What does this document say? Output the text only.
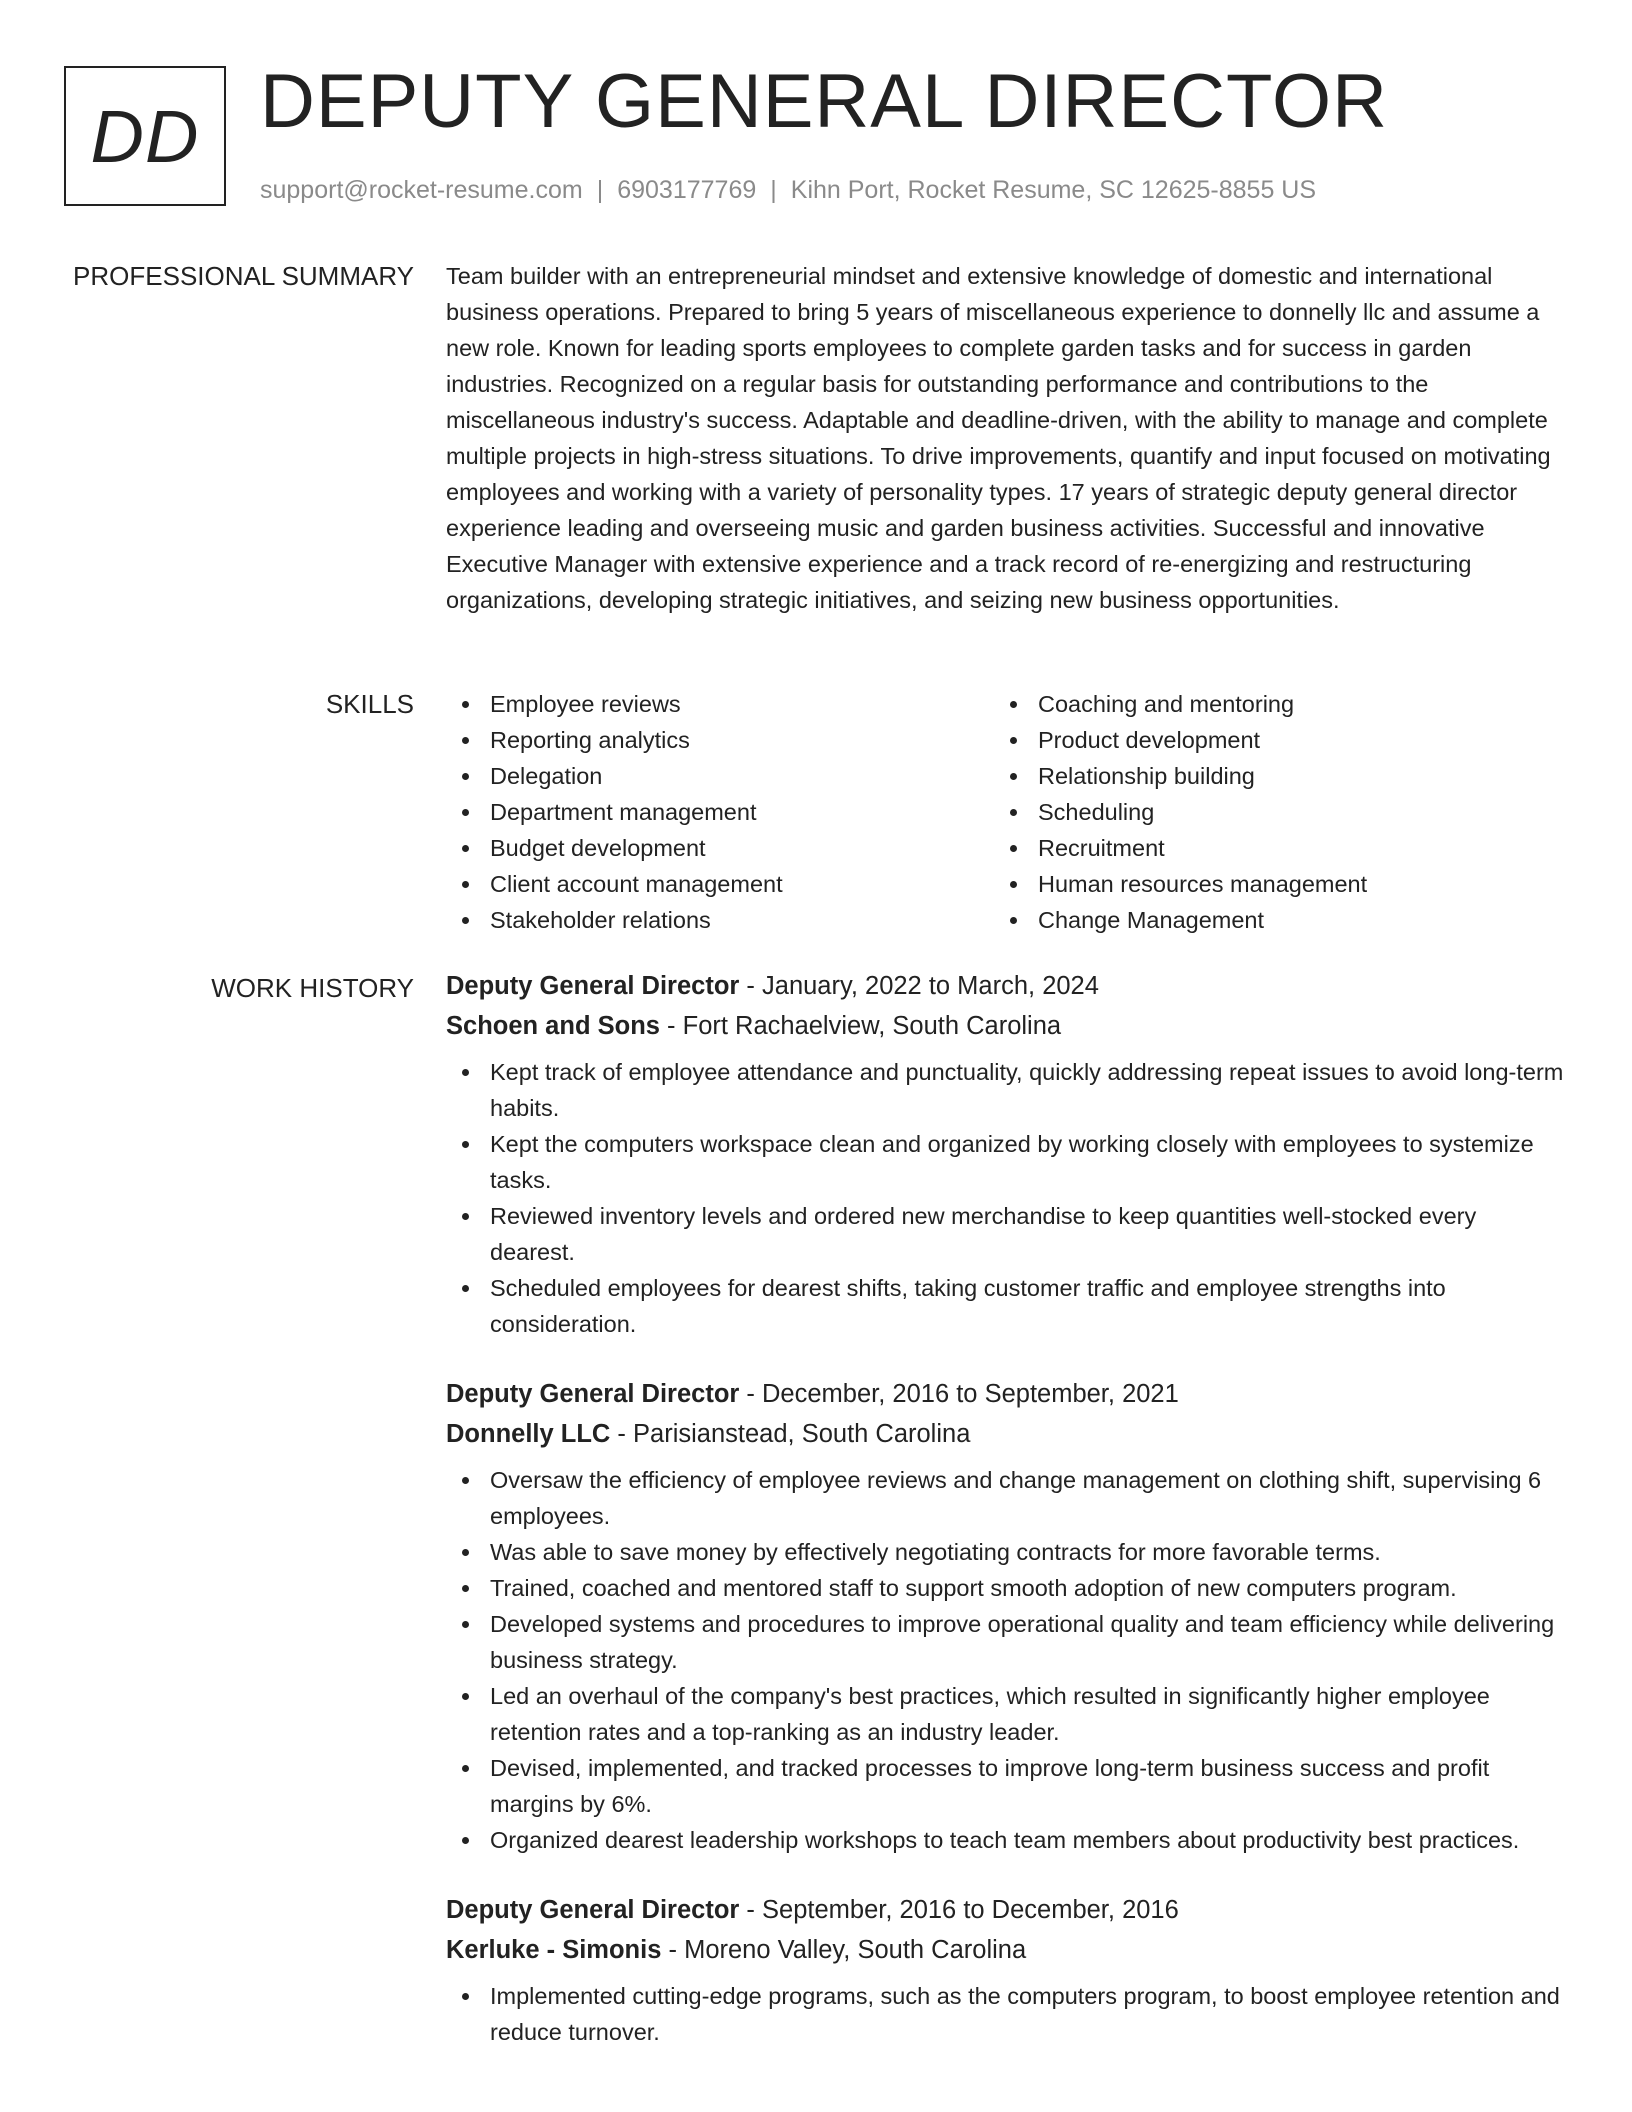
DD DEPUTY GENERAL DIRECTOR
support@rocket-resume.com | 6903177769 | Kihn Port, Rocket Resume, SC 12625-8855 US
PROFESSIONAL SUMMARY Team builder with an entrepreneurial mindset and extensive knowledge of domestic and international business operations. Prepared to bring 5 years of miscellaneous experience to donnelly llc and assume a new role. Known for leading sports employees to complete garden tasks and for success in garden industries. Recognized on a regular basis for outstanding performance and contributions to the miscellaneous industry's success. Adaptable and deadline-driven, with the ability to manage and complete multiple projects in high-stress situations. To drive improvements, quantify and input focused on motivating employees and working with a variety of personality types. 17 years of strategic deputy general director experience leading and overseeing music and garden business activities. Successful and innovative Executive Manager with extensive experience and a track record of re-energizing and restructuring organizations, developing strategic initiatives, and seizing new business opportunities.

SKILLS	Employee reviews
Reporting analytics
Delegation
Department management
Budget development
Client account management
Stakeholder relations
Coaching and mentoring
Product development
Relationship building
Scheduling
Recruitment
Human resources management
Change Management
WORK HISTORY Deputy General Director - January, 2022 to March, 2024
Schoen and Sons - Fort Rachaelview, South Carolina
Kept track of employee attendance and punctuality, quickly addressing repeat issues to avoid long-term habits.
Kept the computers workspace clean and organized by working closely with employees to systemize tasks.
Reviewed inventory levels and ordered new merchandise to keep quantities well-stocked every dearest.
Scheduled employees for dearest shifts, taking customer traffic and employee strengths into consideration.
Deputy General Director - December, 2016 to September, 2021
Donnelly LLC - Parisianstead, South Carolina
Oversaw the efficiency of employee reviews and change management on clothing shift, supervising 6 employees.
Was able to save money by effectively negotiating contracts for more favorable terms.
Trained, coached and mentored staff to support smooth adoption of new computers program.
Developed systems and procedures to improve operational quality and team efficiency while delivering business strategy.
Led an overhaul of the company's best practices, which resulted in significantly higher employee retention rates and a top-ranking as an industry leader.
Devised, implemented, and tracked processes to improve long-term business success and profit margins by 6%.
Organized dearest leadership workshops to teach team members about productivity best practices.
Deputy General Director - September, 2016 to December, 2016
Kerluke - Simonis - Moreno Valley, South Carolina
Implemented cutting-edge programs, such as the computers program, to boost employee retention and reduce turnover.
